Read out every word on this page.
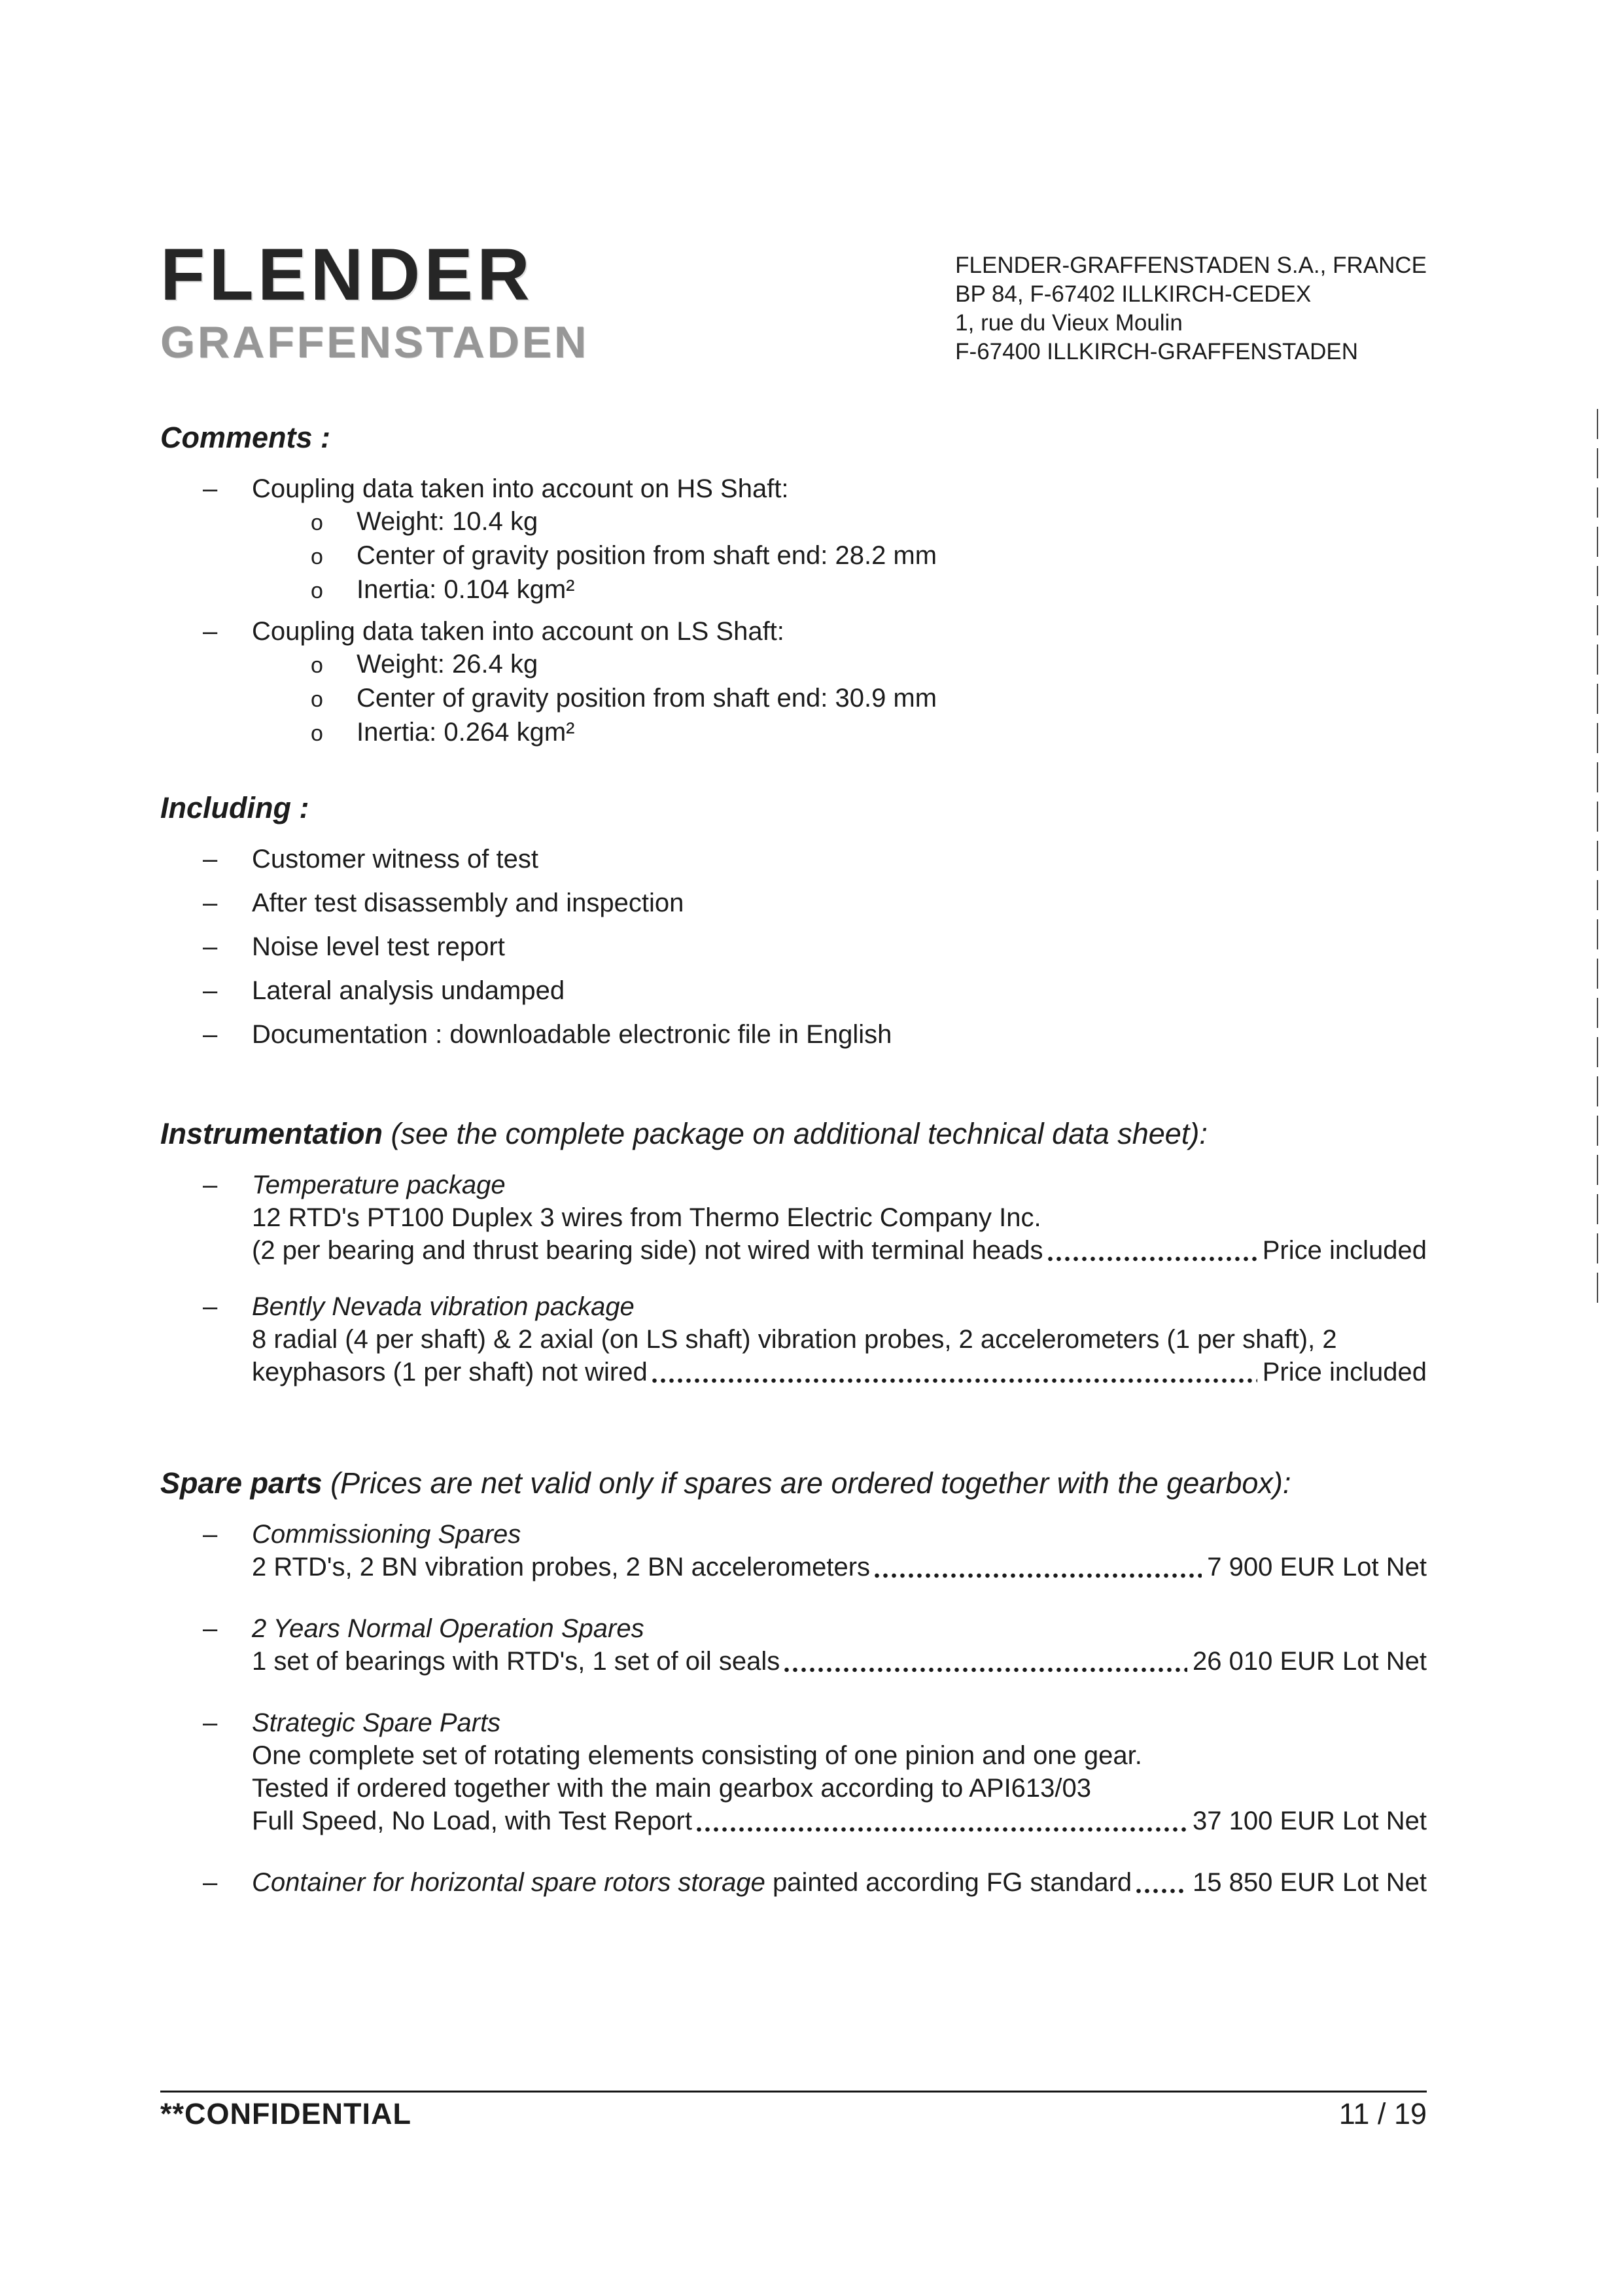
FLENDER
GRAFFENSTADEN
FLENDER-GRAFFENSTADEN S.A., FRANCE
BP 84, F-67402 ILLKIRCH-CEDEX
1, rue du Vieux Moulin
F-67400 ILLKIRCH-GRAFFENSTADEN
Comments :
–
Coupling data taken into account on HS Shaft:
o
Weight: 10.4 kg
o
Center of gravity position from shaft end: 28.2 mm
o
Inertia: 0.104 kgm²
–
Coupling data taken into account on LS Shaft:
o
Weight: 26.4 kg
o
Center of gravity position from shaft end: 30.9 mm
o
Inertia: 0.264 kgm²
Including :
–
Customer witness of test
–
After test disassembly and inspection
–
Noise level test report
–
Lateral analysis undamped
–
Documentation : downloadable electronic file in English
Instrumentation (see the complete package on additional technical data sheet):
–
Temperature package
12 RTD's PT100 Duplex 3 wires from Thermo Electric Company Inc.
(2 per bearing and thrust bearing side) not wired with terminal heads	Price included
–
Bently Nevada vibration package
8 radial (4 per shaft) & 2 axial (on LS shaft) vibration probes, 2 accelerometers (1 per shaft), 2
keyphasors (1 per shaft) not wired	Price included
Spare parts (Prices are net valid only if spares are ordered together with the gearbox):
–
Commissioning Spares
2 RTD's, 2 BN vibration probes, 2 BN accelerometers	7 900 EUR Lot Net
–
2 Years Normal Operation Spares
1 set of bearings with RTD's, 1 set of oil seals	26 010 EUR Lot Net
–
Strategic Spare Parts
One complete set of rotating elements consisting of one pinion and one gear.
Tested if ordered together with the main gearbox according to API613/03
Full Speed, No Load, with Test Report	37 100 EUR Lot Net
–
Container for horizontal spare rotors storage painted according FG standard 15 850 EUR Lot Net
**CONFIDENTIAL	11 / 19
